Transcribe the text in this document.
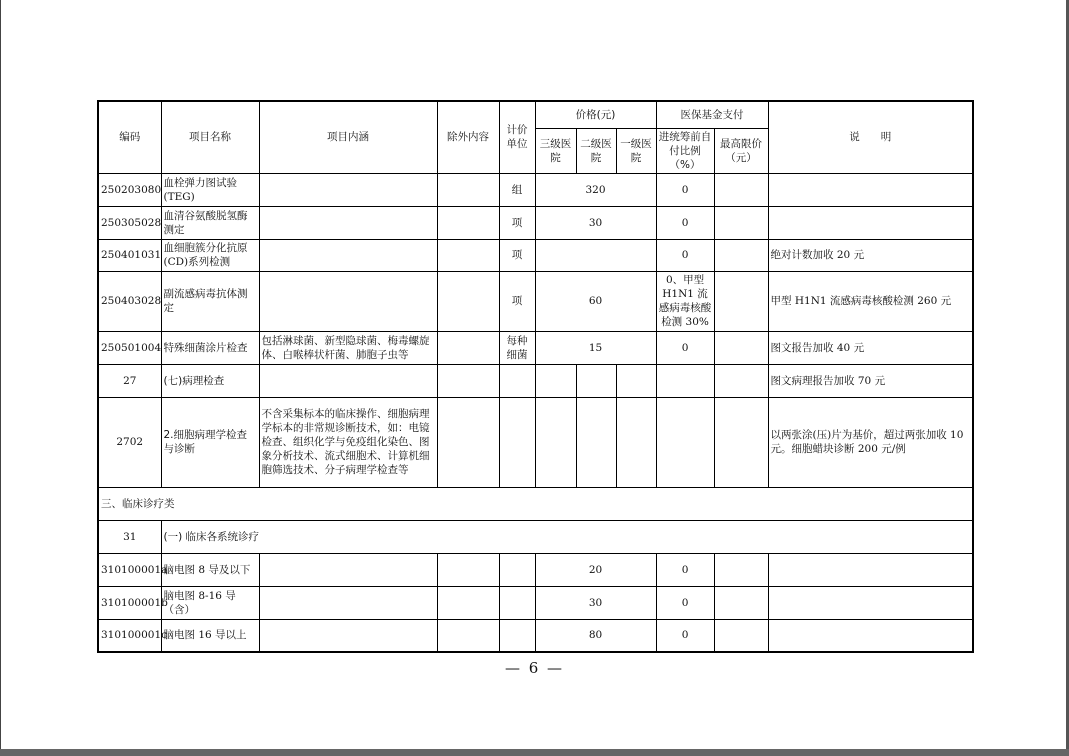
编码	项目名称	项目内涵	除外内容	计价单位	价格(元)			医保基金支付		说　　明
					三级医院	二级医院	一级医院	进统筹前自付比例（%）	最高限价（元）	
250203080	血栓弹力图试验(TEG)			组	320			0		
250305028	血清谷氨酸脱氢酶测定			项	30			0		
250401031	血细胞簇分化抗原(CD)系列检测			项				0		绝对计数加收 20 元
250403028	副流感病毒抗体测定			项	60			0、甲型 H1N1 流感病毒核酸检测 30%		甲型 H1N1 流感病毒核酸检测 260 元
250501004	特殊细菌涂片检查	包括淋球菌、新型隐球菌、梅毒螺旋体、白喉棒状杆菌、肺胞子虫等		每种细菌	15			0		图文报告加收 40 元
27	(七)病理检查									图文病理报告加收 70 元
2702	2.细胞病理学检查与诊断	不含采集标本的临床操作、细胞病理学标本的非常规诊断技术，如：电镜检查、组织化学与免疫组化染色、图象分析技术、流式细胞术、计算机细胞筛选技术、分子病理学检查等								以两张涂(压)片为基价，超过两张加收 10 元。细胞蜡块诊断 200 元/例
三、临床诊疗类										
31	(一) 临床各系统诊疗									
310100001a	脑电图 8 导及以下				20			0		
310100001b	脑电图 8-16 导（含）				30			0		
310100001c	脑电图 16 导以上				80			0		
— 6 —
